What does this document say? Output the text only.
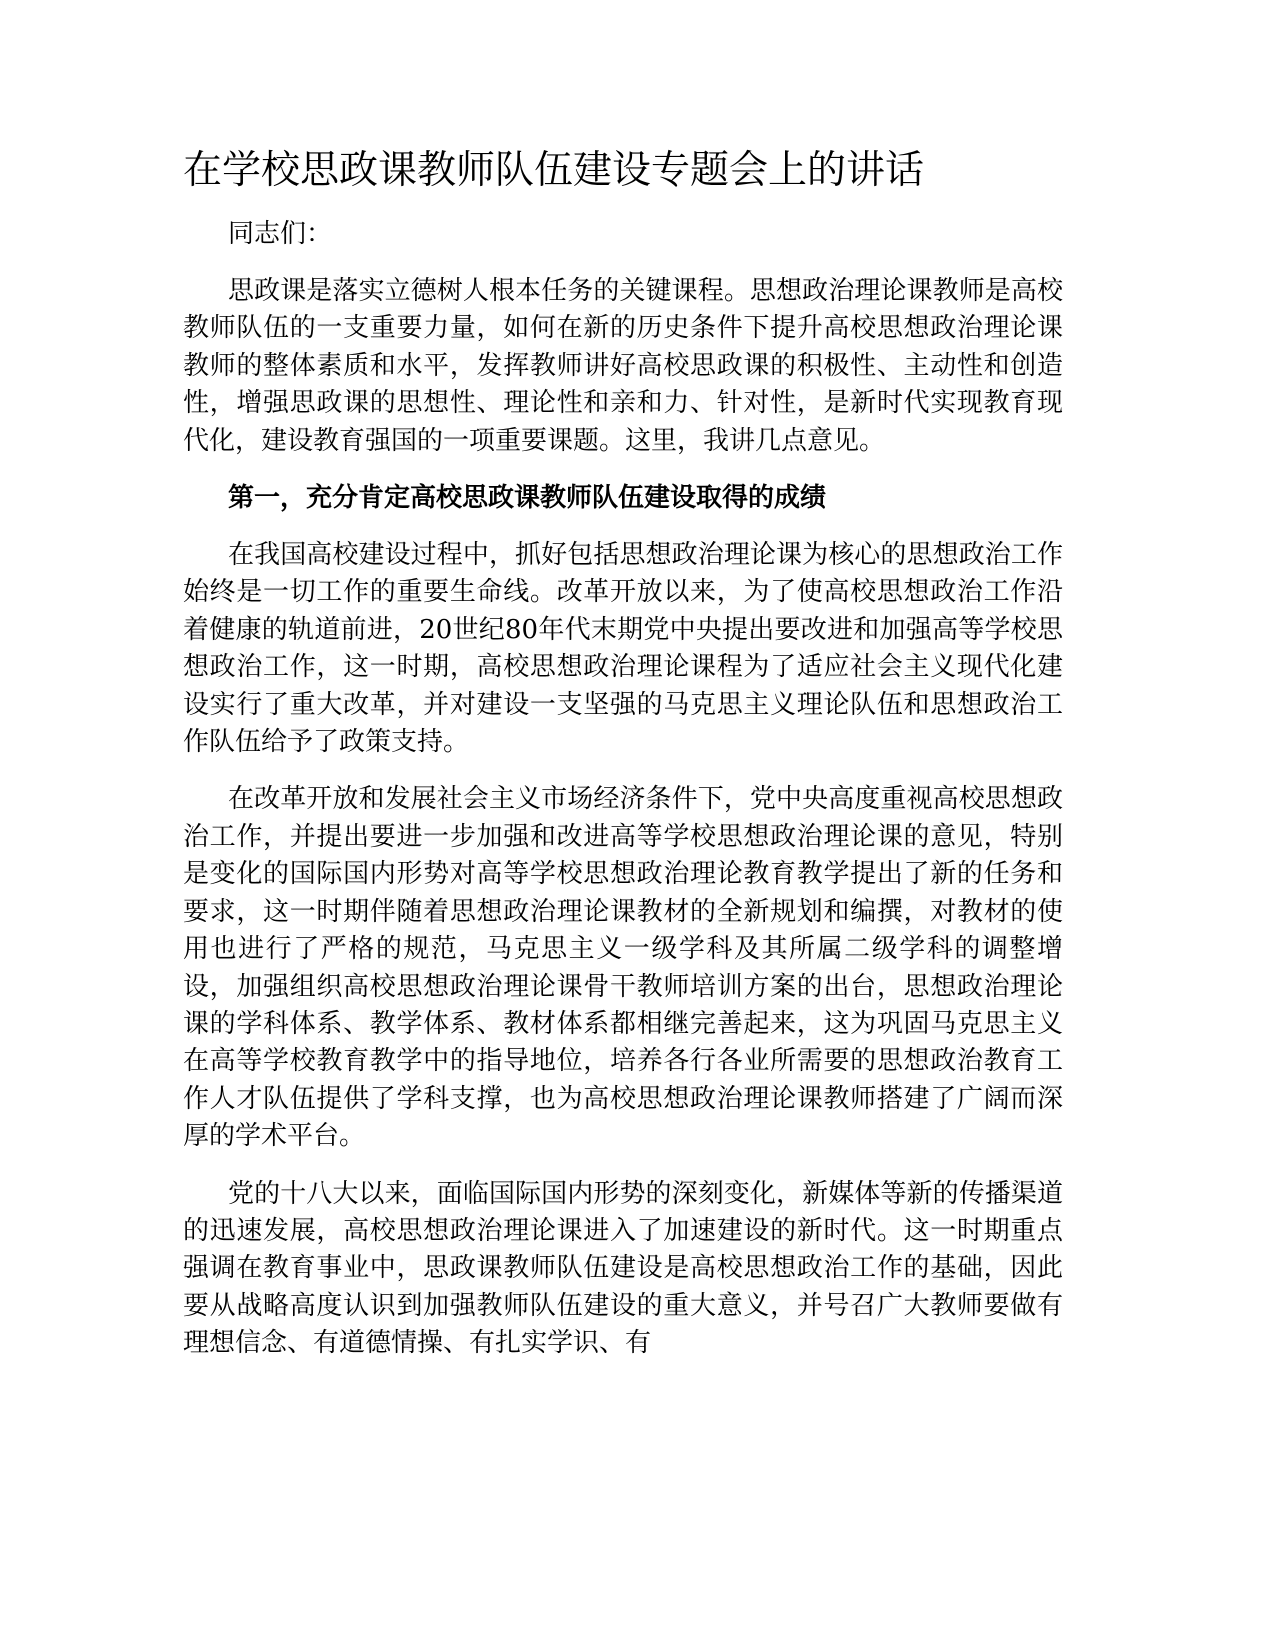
在学校思政课教师队伍建设专题会上的讲话

同志们：

思政课是落实立德树人根本任务的关键课程。思想政治理论课教师是高校教师队伍的一支重要力量，如何在新的历史条件下提升高校思想政治理论课教师的整体素质和水平，发挥教师讲好高校思政课的积极性、主动性和创造性，增强思政课的思想性、理论性和亲和力、针对性，是新时代实现教育现代化，建设教育强国的一项重要课题。这里，我讲几点意见。

第一，充分肯定高校思政课教师队伍建设取得的成绩

在我国高校建设过程中，抓好包括思想政治理论课为核心的思想政治工作始终是一切工作的重要生命线。改革开放以来，为了使高校思想政治工作沿着健康的轨道前进，20世纪80年代末期党中央提出要改进和加强高等学校思想政治工作，这一时期，高校思想政治理论课程为了适应社会主义现代化建设实行了重大改革，并对建设一支坚强的马克思主义理论队伍和思想政治工作队伍给予了政策支持。

在改革开放和发展社会主义市场经济条件下，党中央高度重视高校思想政治工作，并提出要进一步加强和改进高等学校思想政治理论课的意见，特别是变化的国际国内形势对高等学校思想政治理论教育教学提出了新的任务和要求，这一时期伴随着思想政治理论课教材的全新规划和编撰，对教材的使用也进行了严格的规范，马克思主义一级学科及其所属二级学科的调整增设，加强组织高校思想政治理论课骨干教师培训方案的出台，思想政治理论课的学科体系、教学体系、教材体系都相继完善起来，这为巩固马克思主义在高等学校教育教学中的指导地位，培养各行各业所需要的思想政治教育工作人才队伍提供了学科支撑，也为高校思想政治理论课教师搭建了广阔而深厚的学术平台。

党的十八大以来，面临国际国内形势的深刻变化，新媒体等新的传播渠道的迅速发展，高校思想政治理论课进入了加速建设的新时代。这一时期重点强调在教育事业中，思政课教师队伍建设是高校思想政治工作的基础，因此要从战略高度认识到加强教师队伍建设的重大意义，并号召广大教师要做有理想信念、有道德情操、有扎实学识、有
